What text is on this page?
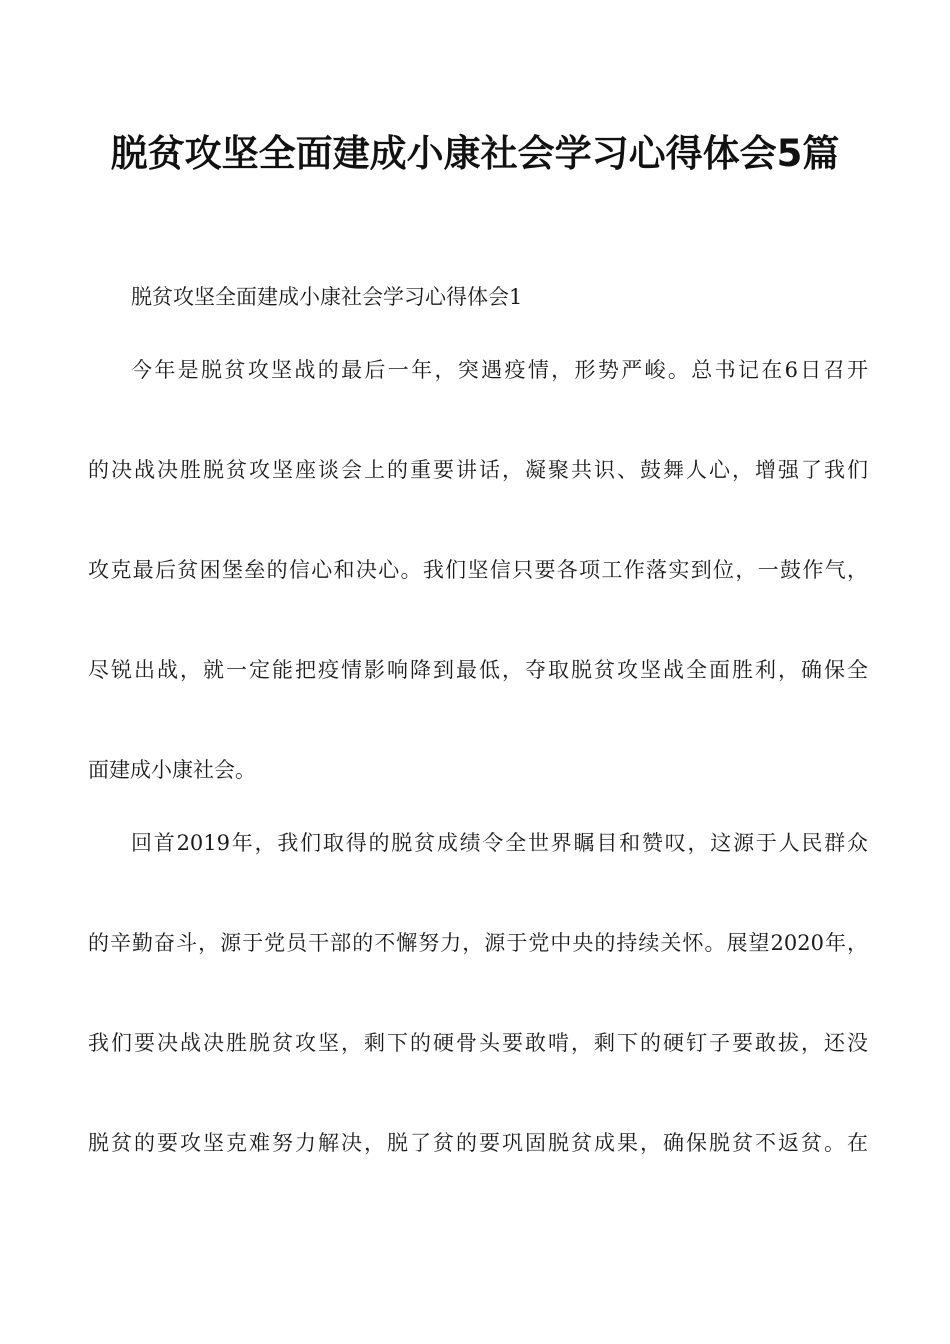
脱贫攻坚全面建成小康社会学习心得体会5篇
脱贫攻坚全面建成小康社会学习心得体会1
今年是脱贫攻坚战的最后一年，突遇疫情，形势严峻。总书记在6日召开
的决战决胜脱贫攻坚座谈会上的重要讲话，凝聚共识、鼓舞人心，增强了我们
攻克最后贫困堡垒的信心和决心。我们坚信只要各项工作落实到位，一鼓作气，
尽锐出战，就一定能把疫情影响降到最低，夺取脱贫攻坚战全面胜利，确保全
面建成小康社会。
回首2019年，我们取得的脱贫成绩令全世界瞩目和赞叹，这源于人民群众
的辛勤奋斗，源于党员干部的不懈努力，源于党中央的持续关怀。展望2020年，
我们要决战决胜脱贫攻坚，剩下的硬骨头要敢啃，剩下的硬钉子要敢拔，还没
脱贫的要攻坚克难努力解决，脱了贫的要巩固脱贫成果，确保脱贫不返贫。在
